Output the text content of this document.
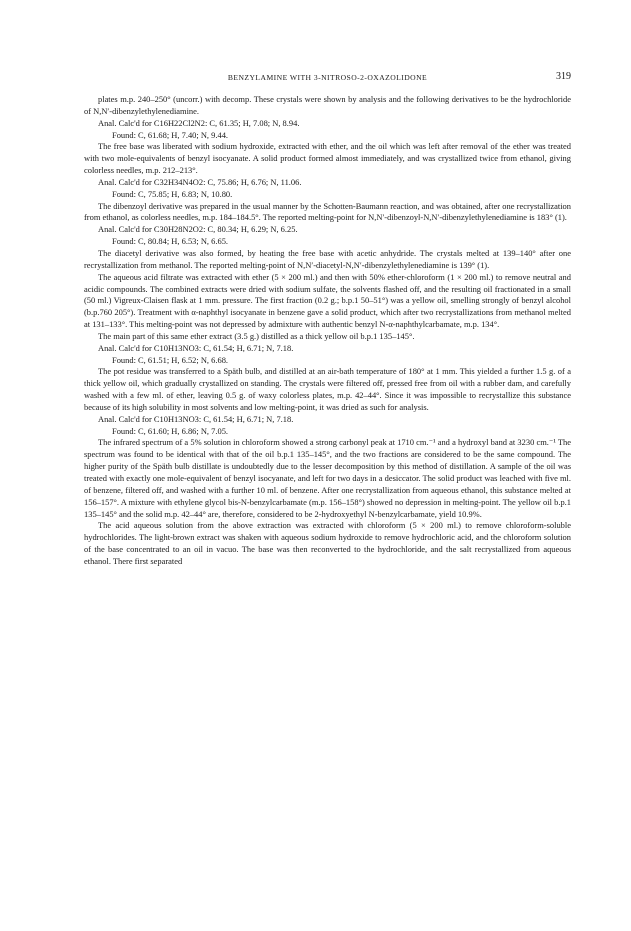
BENZYLAMINE WITH 3-NITROSO-2-OXAZOLIDONE	319

plates m.p. 240–250° (uncorr.) with decomp. These crystals were shown by analysis and the following derivatives to be the hydrochloride of N,N′-dibenzylethylenediamine.

Anal. Calc'd for C16H22Cl2N2: C, 61.35; H, 7.08; N, 8.94.

Found: C, 61.68; H, 7.40; N, 9.44.

The free base was liberated with sodium hydroxide, extracted with ether, and the oil which was left after removal of the ether was treated with two mole-equivalents of benzyl isocyanate. A solid product formed almost immediately, and was crystallized twice from ethanol, giving colorless needles, m.p. 212–213°.

Anal. Calc'd for C32H34N4O2: C, 75.86; H, 6.76; N, 11.06.

Found: C, 75.85; H, 6.83; N, 10.80.

The dibenzoyl derivative was prepared in the usual manner by the Schotten-Baumann reaction, and was obtained, after one recrystallization from ethanol, as colorless needles, m.p. 184–184.5°. The reported melting-point for N,N′-dibenzoyl-N,N′-dibenzylethylenediamine is 183° (1).

Anal. Calc'd for C30H28N2O2: C, 80.34; H, 6.29; N, 6.25.

Found: C, 80.84; H, 6.53; N, 6.65.

The diacetyl derivative was also formed, by heating the free base with acetic anhydride. The crystals melted at 139–140° after one recrystallization from methanol. The reported melting-point of N,N′-diacetyl-N,N′-dibenzylethylenediamine is 139° (1).

The aqueous acid filtrate was extracted with ether (5 × 200 ml.) and then with 50% ether-chloroform (1 × 200 ml.) to remove neutral and acidic compounds. The combined extracts were dried with sodium sulfate, the solvents flashed off, and the resulting oil fractionated in a small (50 ml.) Vigreux-Claisen flask at 1 mm. pressure. The first fraction (0.2 g.; b.p.1 50–51°) was a yellow oil, smelling strongly of benzyl alcohol (b.p.760 205°). Treatment with α-naphthyl isocyanate in benzene gave a solid product, which after two recrystallizations from methanol melted at 131–133°. This melting-point was not depressed by admixture with authentic benzyl N-α-naphthylcarbamate, m.p. 134°.

The main part of this same ether extract (3.5 g.) distilled as a thick yellow oil b.p.1 135–145°.

Anal. Calc'd for C10H13NO3: C, 61.54; H, 6.71; N, 7.18.

Found: C, 61.51; H, 6.52; N, 6.68.

The pot residue was transferred to a Späth bulb, and distilled at an air-bath temperature of 180° at 1 mm. This yielded a further 1.5 g. of a thick yellow oil, which gradually crystallized on standing. The crystals were filtered off, pressed free from oil with a rubber dam, and carefully washed with a few ml. of ether, leaving 0.5 g. of waxy colorless plates, m.p. 42–44°. Since it was impossible to recrystallize this substance because of its high solubility in most solvents and low melting-point, it was dried as such for analysis.

Anal. Calc'd for C10H13NO3: C, 61.54; H, 6.71; N, 7.18.

Found: C, 61.60; H, 6.86; N, 7.05.

The infrared spectrum of a 5% solution in chloroform showed a strong carbonyl peak at 1710 cm.⁻¹ and a hydroxyl band at 3230 cm.⁻¹ The spectrum was found to be identical with that of the oil b.p.1 135–145°, and the two fractions are considered to be the same compound. The higher purity of the Späth bulb distillate is undoubtedly due to the lesser decomposition by this method of distillation. A sample of the oil was treated with exactly one mole-equivalent of benzyl isocyanate, and left for two days in a desiccator. The solid product was leached with five ml. of benzene, filtered off, and washed with a further 10 ml. of benzene. After one recrystallization from aqueous ethanol, this substance melted at 156–157°. A mixture with ethylene glycol bis-N-benzylcarbamate (m.p. 156–158°) showed no depression in melting-point. The yellow oil b.p.1 135–145° and the solid m.p. 42–44° are, therefore, considered to be 2-hydroxyethyl N-benzylcarbamate, yield 10.9%.

The acid aqueous solution from the above extraction was extracted with chloroform (5 × 200 ml.) to remove chloroform-soluble hydrochlorides. The light-brown extract was shaken with aqueous sodium hydroxide to remove hydrochloric acid, and the chloroform solution of the base concentrated to an oil in vacuo. The base was then reconverted to the hydrochloride, and the salt recrystallized from aqueous ethanol. There first separated
